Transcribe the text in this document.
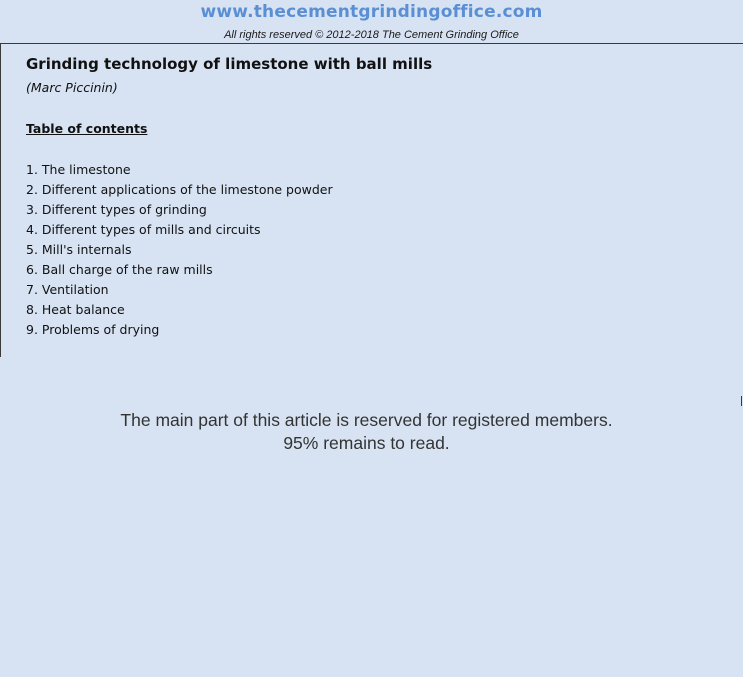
www.thecementgrindingoffice.com
All rights reserved © 2012-2018 The Cement Grinding Office
Grinding technology of limestone with ball mills
(Marc Piccinin)
Table of contents
1. The limestone
2. Different applications of the limestone powder
3. Different types of grinding
4. Different types of mills and circuits
5. Mill's internals
6. Ball charge of the raw mills
7. Ventilation
8. Heat balance
9. Problems of drying
The main part of this article is reserved for registered members.
95% remains to read.
